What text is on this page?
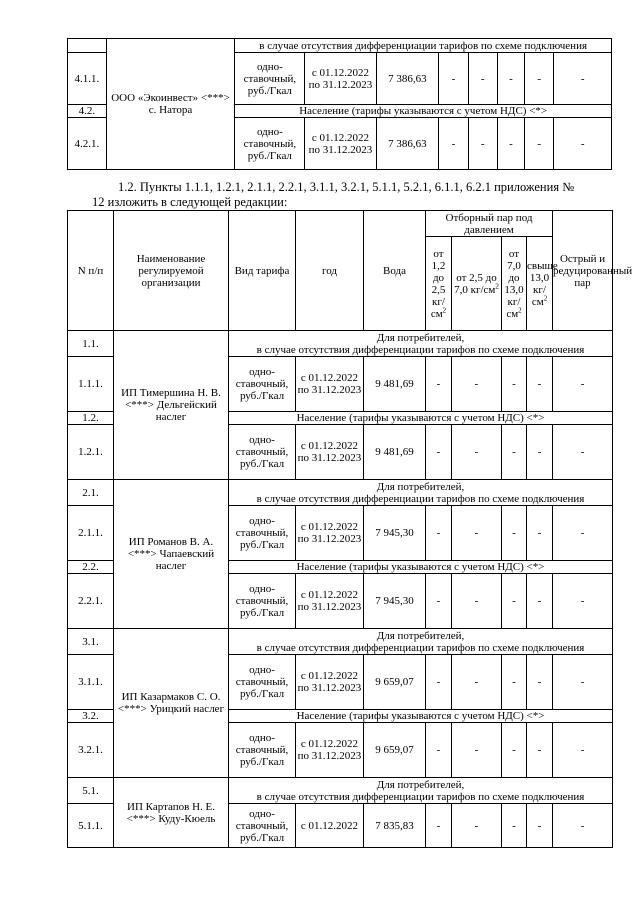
	ООО «Экоинвест» <***> с. Натора	в случае отсутствия дифференциации тарифов по схеме подключения							
4.1.1.		одно-ставочный, руб./Гкал	с 01.12.2022 по 31.12.2023	7 386,63	-	-	-	-	-
4.2.		Население (тарифы указываются с учетом НДС) <*>							
4.2.1.		одно-ставочный, руб./Гкал	с 01.12.2022 по 31.12.2023	7 386,63	-	-	-	-	-
1.2. Пункты 1.1.1, 1.2.1, 2.1.1, 2.2.1, 3.1.1, 3.2.1, 5.1.1, 5.2.1, 6.1.1, 6.2.1 приложения №
12 изложить в следующей редакции:
N п/п	Наименование регулируемой организации	Вид тарифа	год	Вода	Отборный пар под давлением				Острый и редуцированный пар
					от 1,2 до 2,5 $кг/см^2$	от 2,5 до 7,0 $кг/см^2$	от 7,0 до 13,0 $кг/см^2$	свыше 13,0 $кг/см^2$
1.1.	ИП Тимершина Н. В. <***> Дельгейский наслег	Для потребителей,
в случае отсутствия дифференциации тарифов по схеме подключения							
1.1.1.		одно-ставочный, руб./Гкал	с 01.12.2022 по 31.12.2023	9 481,69	-	-	-	-	-
1.2.		Население (тарифы указываются с учетом НДС) <*>							
1.2.1.		одно-ставочный, руб./Гкал	с 01.12.2022 по 31.12.2023	9 481,69	-	-	-	-	-
2.1.	ИП Романов В. А. <***> Чапаевский наслег	Для потребителей,
в случае отсутствия дифференциации тарифов по схеме подключения							
2.1.1.		одно-ставочный, руб./Гкал	с 01.12.2022 по 31.12.2023	7 945,30	-	-	-	-	-
2.2.		Население (тарифы указываются с учетом НДС) <*>							
2.2.1.		одно-ставочный, руб./Гкал	с 01.12.2022 по 31.12.2023	7 945,30	-	-	-	-	-
3.1.	ИП Казармаков С. О. <***> Урицкий наслег	Для потребителей,
в случае отсутствия дифференциации тарифов по схеме подключения							
3.1.1.		одно-ставочный, руб./Гкал	с 01.12.2022 по 31.12.2023	9 659,07	-	-	-	-	-
3.2.		Население (тарифы указываются с учетом НДС) <*>							
3.2.1.		одно-ставочный, руб./Гкал	с 01.12.2022 по 31.12.2023	9 659,07	-	-	-	-	-
5.1.	ИП Картапов Н. Е. <***> Куду-Кюель	Для потребителей,
в случае отсутствия дифференциации тарифов по схеме подключения							
5.1.1.		одно-ставочный, руб./Гкал	с 01.12.2022	7 835,83	-	-	-	-	-
